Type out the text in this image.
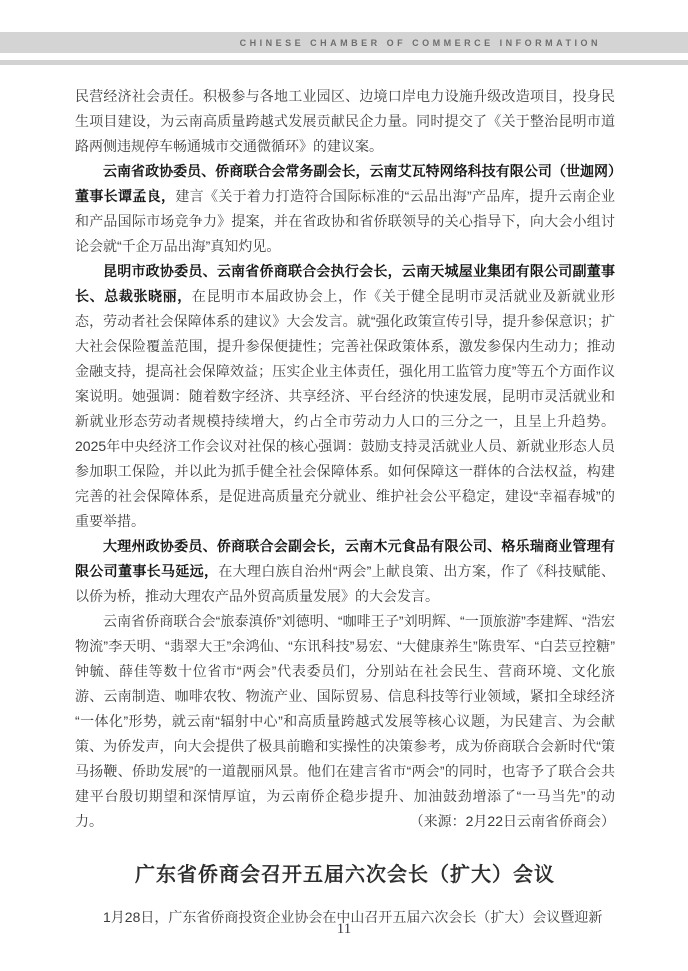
CHINESE CHAMBER OF COMMERCE INFORMATION

民营经济社会责任。积极参与各地工业园区、边境口岸电力设施升级改造项目，投身民生项目建设，为云南高质量跨越式发展贡献民企力量。同时提交了《关于整治昆明市道路两侧违规停车畅通城市交通微循环》的建议案。

云南省政协委员、侨商联合会常务副会长，云南艾瓦特网络科技有限公司（世迦网）董事长谭孟良，建言《关于着力打造符合国际标准的“云品出海”产品库，提升云南企业和产品国际市场竞争力》提案，并在省政协和省侨联领导的关心指导下，向大会小组讨论会就“千企万品出海”真知灼见。

昆明市政协委员、云南省侨商联合会执行会长，云南天城屋业集团有限公司副董事长、总裁张晓丽，在昆明市本届政协会上，作《关于健全昆明市灵活就业及新就业形态，劳动者社会保障体系的建议》大会发言。就“强化政策宣传引导，提升参保意识；扩大社会保险覆盖范围，提升参保便捷性；完善社保政策体系，激发参保内生动力；推动金融支持，提高社会保障效益；压实企业主体责任，强化用工监管力度”等五个方面作议案说明。她强调：随着数字经济、共享经济、平台经济的快速发展，昆明市灵活就业和新就业形态劳动者规模持续增大，约占全市劳动力人口的三分之一，且呈上升趋势。2025年中央经济工作会议对社保的核心强调：鼓励支持灵活就业人员、新就业形态人员参加职工保险，并以此为抓手健全社会保障体系。如何保障这一群体的合法权益，构建完善的社会保障体系，是促进高质量充分就业、维护社会公平稳定，建设“幸福春城”的重要举措。

大理州政协委员、侨商联合会副会长，云南木元食品有限公司、格乐瑞商业管理有限公司董事长马延远，在大理白族自治州“两会”上献良策、出方案，作了《科技赋能、以侨为桥，推动大理农产品外贸高质量发展》的大会发言。

云南省侨商联合会“旅泰滇侨”刘德明、“咖啡王子”刘明辉、“一顶旅游”李建辉、“浩宏物流”李天明、“翡翠大王”余鸿仙、“东讯科技”易宏、“大健康养生”陈贵军、“白芸豆控糖”钟毓、薛佳等数十位省市“两会”代表委员们，分别站在社会民生、营商环境、文化旅游、云南制造、咖啡农牧、物流产业、国际贸易、信息科技等行业领域，紧扣全球经济“一体化”形势，就云南“辐射中心”和高质量跨越式发展等核心议题，为民建言、为会献策、为侨发声，向大会提供了极具前瞻和实操性的决策参考，成为侨商联合会新时代“策马扬鞭、侨助发展”的一道靓丽风景。他们在建言省市“两会”的同时，也寄予了联合会共建平台殷切期望和深情厚谊，为云南侨企稳步提升、加油鼓劲增添了“一马当先”的动力。	（来源：2月22日云南省侨商会）

广东省侨商会召开五届六次会长（扩大）会议

1月28日，广东省侨商投资企业协会在中山召开五届六次会长（扩大）会议暨迎新

11
